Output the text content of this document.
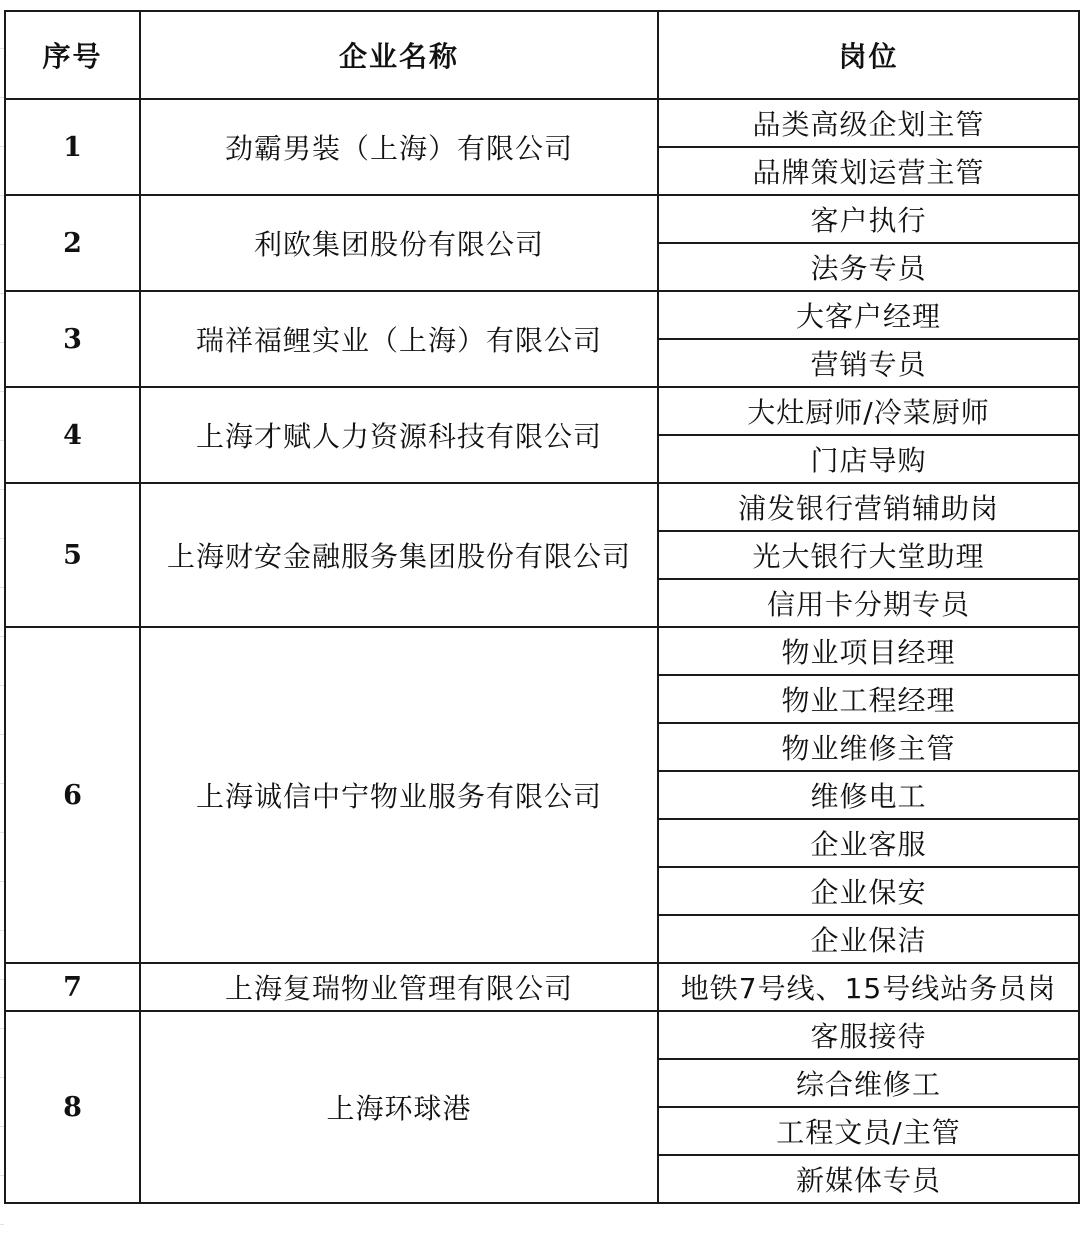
序号	企业名称	岗位
1	劲霸男装（上海）有限公司	品类高级企划主管
		品牌策划运营主管
2	利欧集团股份有限公司	客户执行
		法务专员
3	瑞祥福鲤实业（上海）有限公司	大客户经理
		营销专员
4	上海才赋人力资源科技有限公司	大灶厨师/冷菜厨师
		门店导购
5	上海财安金融服务集团股份有限公司	浦发银行营销辅助岗
		光大银行大堂助理
		信用卡分期专员
6	上海诚信中宁物业服务有限公司	物业项目经理
		物业工程经理
		物业维修主管
		维修电工
		企业客服
		企业保安
		企业保洁
7	上海复瑞物业管理有限公司	地铁7号线、15号线站务员岗
8	上海环球港	客服接待
		综合维修工
		工程文员/主管
		新媒体专员
